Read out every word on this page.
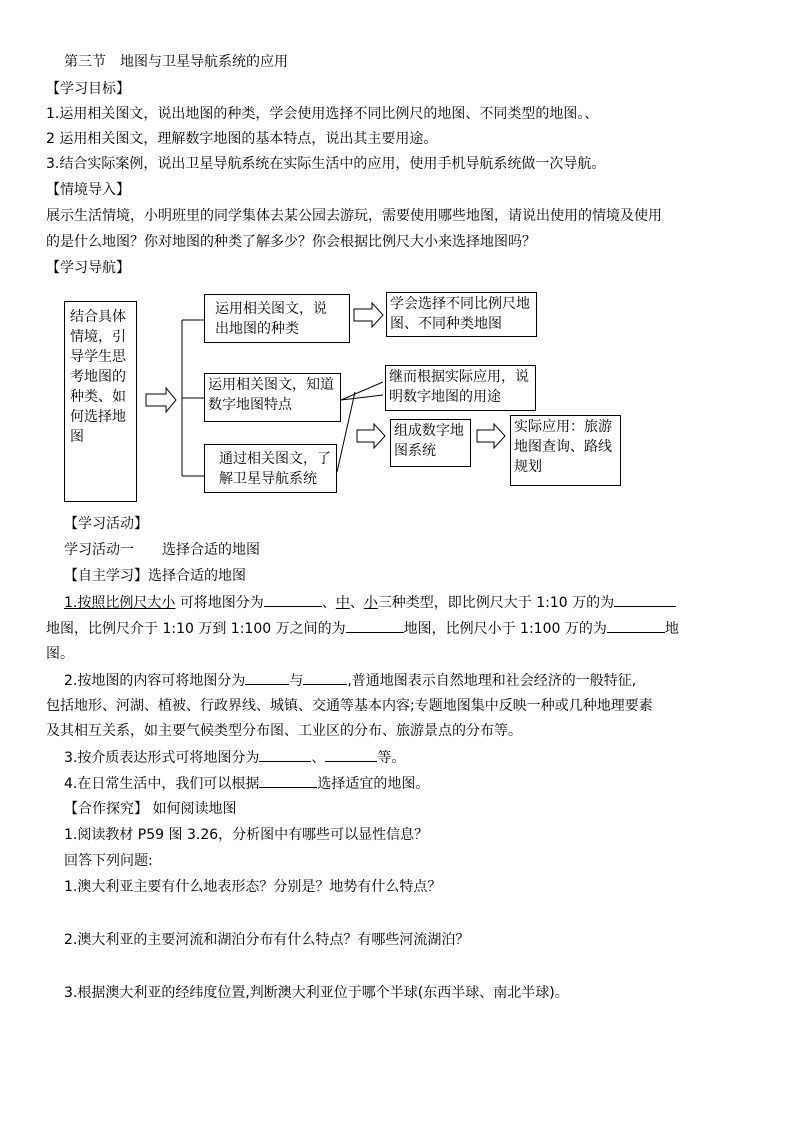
第三节　地图与卫星导航系统的应用
【学习目标】
1.运用相关图文，说出地图的种类，学会使用选择不同比例尺的地图、不同类型的地图。、
2 运用相关图文，理解数字地图的基本特点，说出其主要用途。
3.结合实际案例，说出卫星导航系统在实际生活中的应用，使用手机导航系统做一次导航。
【情境导入】
展示生活情境，小明班里的同学集体去某公园去游玩，需要使用哪些地图，请说出使用的情境及使用
的是什么地图？你对地图的种类了解多少？你会根据比例尺大小来选择地图吗？
【学习导航】
结合具体情境，引导学生思考地图的种类、如何选择地图
运用相关图文，说出地图的种类
运用相关图文，知道数字地图特点
通过相关图文，了解卫星导航系统
学会选择不同比例尺地图、不同种类地图
继而根据实际应用，说明数字地图的用途
组成数字地图系统
实际应用：旅游地图查询、路线规划
【学习活动】
学习活动一　　选择合适的地图
【自主学习】选择合适的地图
1.按照比例尺大小 可将地图分为	、中、小三种类型，即比例尺大于 1:10 万的为
地图，比例尺介于 1:10 万到 1:100 万之间的为	地图，比例尺小于 1:100 万的为	地
图。
2.按地图的内容可将地图分为	与	,普通地图表示自然地理和社会经济的一般特征,
包括地形、河湖、植被、行政界线、城镇、交通等基本内容;专题地图集中反映一种或几种地理要素
及其相互关系，如主要气候类型分布图、工业区的分布、旅游景点的分布等。
3.按介质表达形式可将地图分为	、	等。
4.在日常生活中，我们可以根据	选择适宜的地图。
【合作探究】 如何阅读地图
1.阅读教材 P59 图 3.26，分析图中有哪些可以显性信息？
回答下列问题:
1.澳大利亚主要有什么地表形态？分别是？地势有什么特点？
2.澳大利亚的主要河流和湖泊分布有什么特点？有哪些河流湖泊？
3.根据澳大利亚的经纬度位置,判断澳大利亚位于哪个半球(东西半球、南北半球)。
